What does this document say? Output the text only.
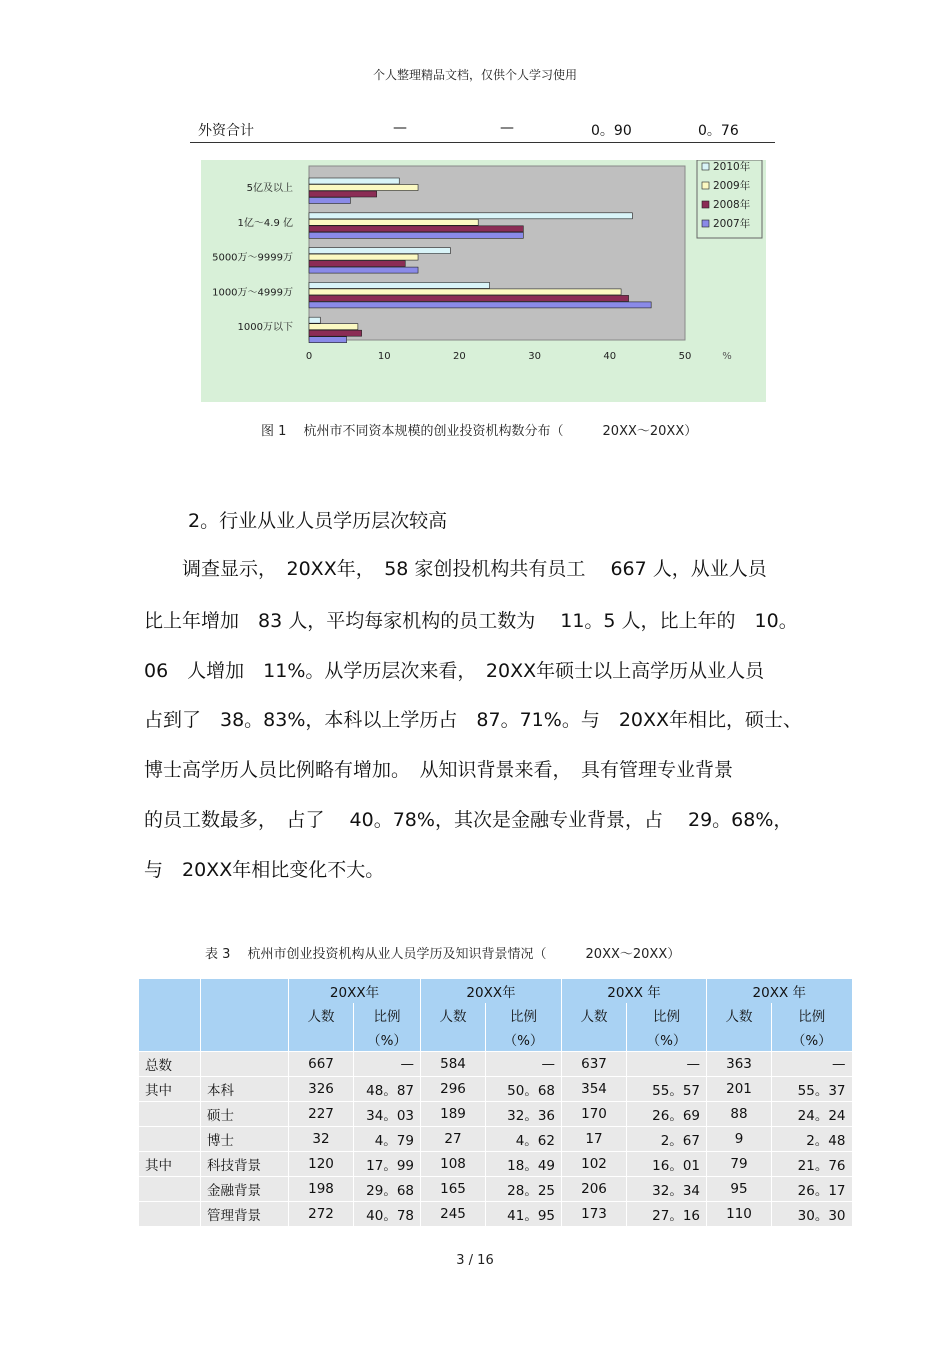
个人整理精品文档，仅供个人学习使用
外资合计	—	—	0。90	0。76
5亿及以上
1亿～4.9 亿
5000万～9999万
1000万～4999万
1000万以下
0	10	20	30	40	50	%
2010年
2009年
2008年
2007年
图 1　 杭州市不同资本规模的创业投资机构数分布（　　　20XX～20XX）
2。行业从业人员学历层次较高
　　调查显示，　20XX年，　58 家创投机构共有员工　 667 人，从业人员
比上年增加　83 人，平均每家机构的员工数为　 11。5 人，比上年的　10。
06　人增加　11%。从学历层次来看，　20XX年硕士以上高学历从业人员
占到了　38。83%，本科以上学历占　87。71%。与　20XX年相比，硕士、
博士高学历人员比例略有增加。　从知识背景来看，　具有管理专业背景
的员工数最多，　占了　 40。78%，其次是金融专业背景，占　 29。68%，
与　20XX年相比变化不大。
表 3　 杭州市创业投资机构从业人员学历及知识背景情况（　　　20XX～20XX）
		20XX年		20XX年		20XX 年		20XX 年	
		人数	比例	人数	比例	人数	比例	人数	比例
			（%）		（%）		（%）		（%）
总数		667	—	584	—	637	—	363	—
其中	本科	326	48。87	296	50。68	354	55。57	201	55。37
	硕士	227	34。03	189	32。36	170	26。69	88	24。24
	博士	32	4。79	27	4。62	17	2。67	9	2。48
其中	科技背景	120	17。99	108	18。49	102	16。01	79	21。76
	金融背景	198	29。68	165	28。25	206	32。34	95	26。17
	管理背景	272	40。78	245	41。95	173	27。16	110	30。30
3 / 16
